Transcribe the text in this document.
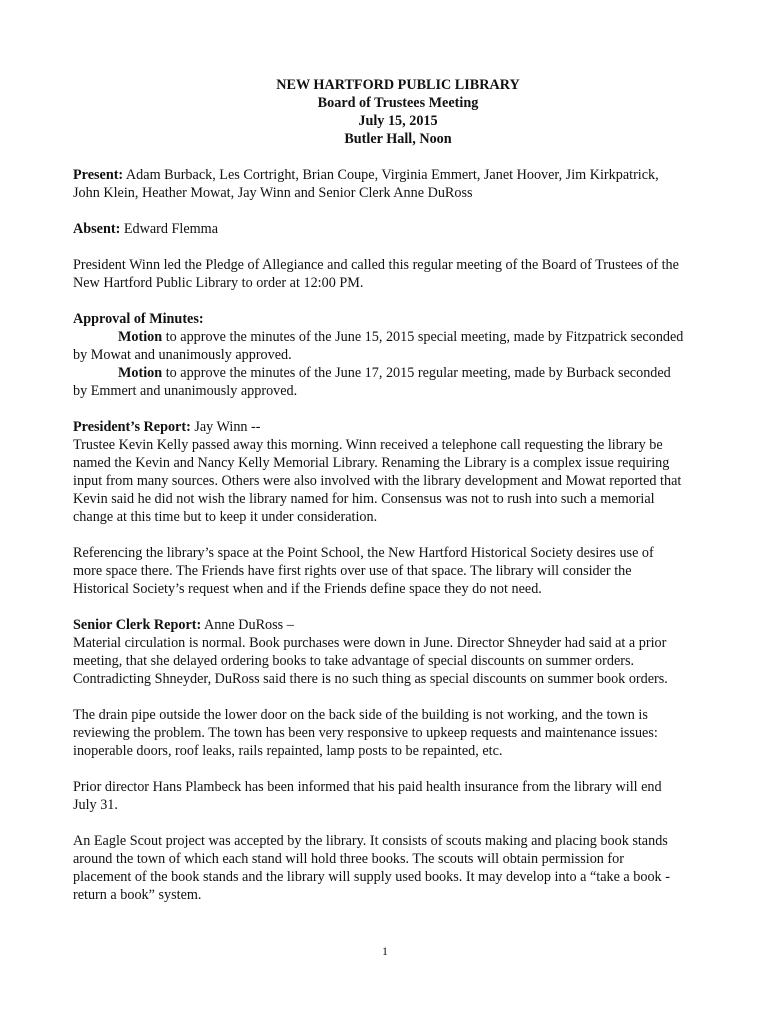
NEW HARTFORD PUBLIC LIBRARY
Board of Trustees Meeting
July 15, 2015
Butler Hall, Noon

Present: Adam Burback, Les Cortright, Brian Coupe, Virginia Emmert, Janet Hoover, Jim Kirkpatrick,
John Klein, Heather Mowat, Jay Winn and Senior Clerk Anne DuRoss

Absent: Edward Flemma

President Winn led the Pledge of Allegiance and called this regular meeting of the Board of Trustees of the
New Hartford Public Library to order at 12:00 PM.

Approval of Minutes:
Motion to approve the minutes of the June 15, 2015 special meeting, made by Fitzpatrick seconded
by Mowat and unanimously approved.
Motion to approve the minutes of the June 17, 2015 regular meeting, made by Burback seconded
by Emmert and unanimously approved.

President’s Report: Jay Winn --
Trustee Kevin Kelly passed away this morning. Winn received a telephone call requesting the library be
named the Kevin and Nancy Kelly Memorial Library. Renaming the Library is a complex issue requiring
input from many sources. Others were also involved with the library development and Mowat reported that
Kevin said he did not wish the library named for him. Consensus was not to rush into such a memorial
change at this time but to keep it under consideration.

Referencing the library’s space at the Point School, the New Hartford Historical Society desires use of
more space there. The Friends have first rights over use of that space. The library will consider the
Historical Society’s request when and if the Friends define space they do not need.

Senior Clerk Report: Anne DuRoss –
Material circulation is normal. Book purchases were down in June. Director Shneyder had said at a prior
meeting, that she delayed ordering books to take advantage of special discounts on summer orders.
Contradicting Shneyder, DuRoss said there is no such thing as special discounts on summer book orders.

The drain pipe outside the lower door on the back side of the building is not working, and the town is
reviewing the problem. The town has been very responsive to upkeep requests and maintenance issues:
inoperable doors, roof leaks, rails repainted, lamp posts to be repainted, etc.

Prior director Hans Plambeck has been informed that his paid health insurance from the library will end
July 31.

An Eagle Scout project was accepted by the library. It consists of scouts making and placing book stands
around the town of which each stand will hold three books. The scouts will obtain permission for
placement of the book stands and the library will supply used books. It may develop into a “take a book -
return a book” system.

1
